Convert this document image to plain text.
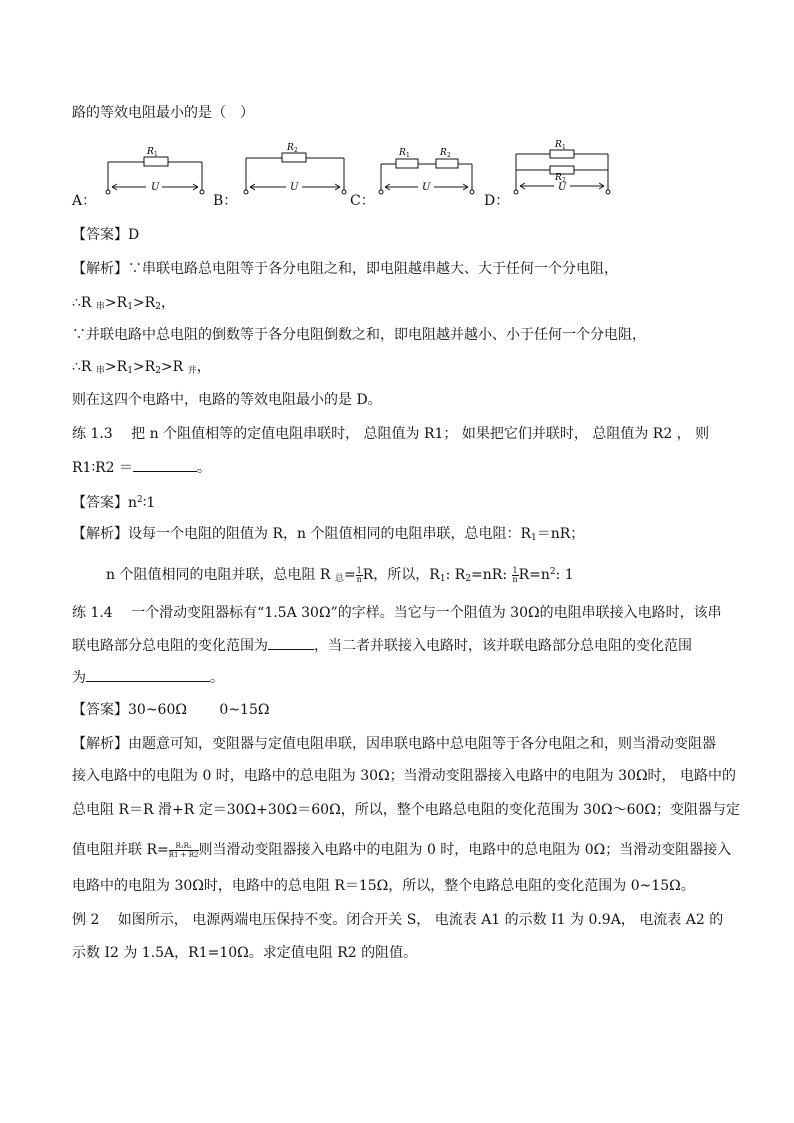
路的等效电阻最小的是（　）
A：
R 1
U
B：
R 2
U
C：
R 1	R 2
U
D：
R 1
R 2
U
【答案】D
【解析】∵串联电路总电阻等于各分电阻之和，即电阻越串越大、大于任何一个分电阻，
∴R $_串>R_1>R_2$，
∵并联电路中总电阻的倒数等于各分电阻倒数之和，即电阻越并越小、小于任何一个分电阻，
∴R $_串>R_1>R_2>R$ $_并$，
则在这四个电路中，电路的等效电阻最小的是 D。
练 1.3　 把 n 个阻值相等的定值电阻串联时， 总阻值为 R1； 如果把它们并联时， 总阻值为 R2 ， 则
R1∶R2 ＝	。
【答案】$n^2∶1$
【解析】设每一个电阻的阻值为 R，n 个阻值相同的电阻串联，总电阻：$R_1=nR$；
n 个阻值相同的电阻并联，总电阻 R $_总= \frac{1}{n}$ R，所以，$R_1$: $R_2=nR$: $\frac{1}{n} R=n^2$: 1
练 1.4　 一个滑动变阻器标有“1.5A 30Ω”的字样。当它与一个阻值为 30Ω的电阻串联接入电路时，该串
联电路部分总电阻的变化范围为	，当二者并联接入电路时，该并联电路部分总电阻的变化范围
为	。
【答案】30~60Ω　　 0~15Ω
【解析】由题意可知，变阻器与定值电阻串联，因串联电路中总电阻等于各分电阻之和，则当滑动变阻器
接入电路中的电阻为 0 时，电路中的总电阻为 30Ω；当滑动变阻器接入电路中的电阻为 30Ω时， 电路中的
总电阻 R＝R 滑+R 定＝30Ω+30Ω＝60Ω，所以，整个电路总电阻的变化范围为 30Ω～60Ω；变阻器与定
值电阻并联 $R= \frac{\text{R₁R₂}}{R1 + R2}$ 则当滑动变阻器接入电路中的电阻为 0 时，电路中的总电阻为 0Ω；当滑动变阻器接入
电路中的电阻为 30Ω时，电路中的总电阻 R＝15Ω，所以，整个电路总电阻的变化范围为 0~15Ω。
例 2　 如图所示， 电源两端电压保持不变。闭合开关 S， 电流表 A1 的示数 I1 为 0.9A， 电流表 A2 的
示数 I2 为 1.5A，R1=10Ω。求定值电阻 R2 的阻值。
